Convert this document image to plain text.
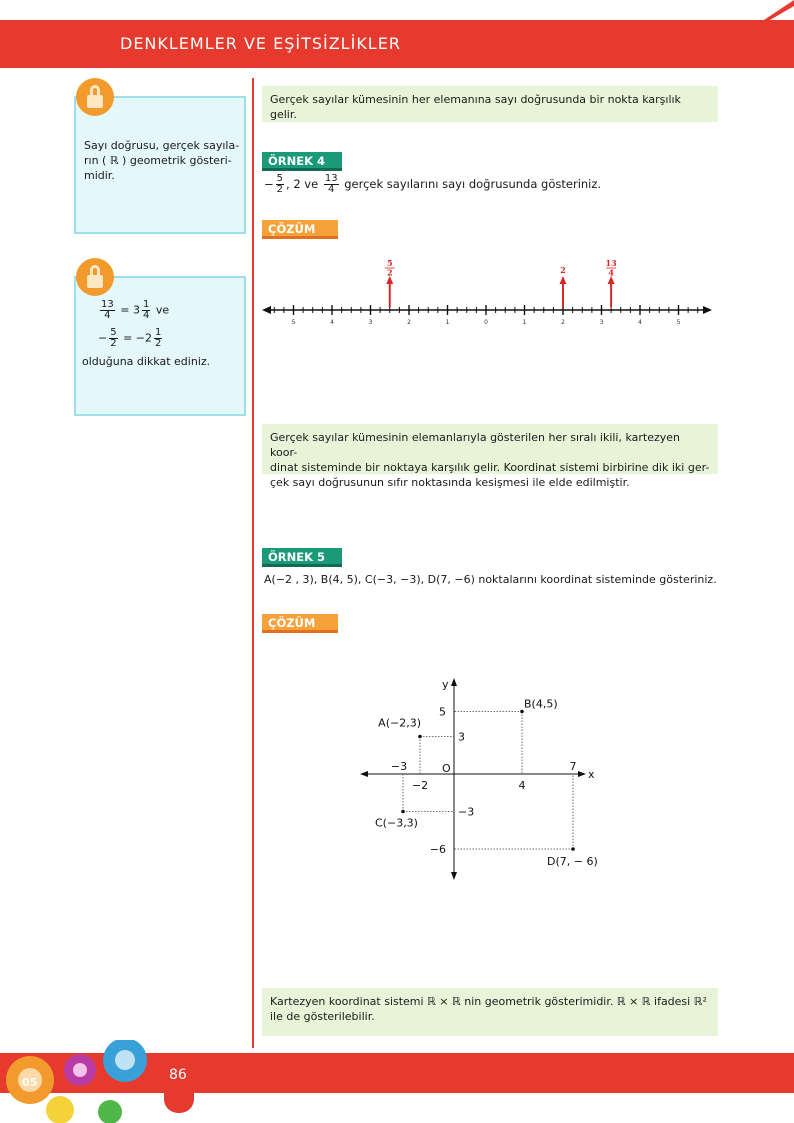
DENKLEMLER VE EŞİTSİZLİKLER
Sayı doğrusu, gerçek sayıla-
rın ( ℝ ) geometrik gösteri-
midir.
$\frac{13}{4} = 3 \frac{1}{4}$ ve
− $\frac{5}{2} = -2 \frac{1}{2}$
olduğuna dikkat ediniz.
Gerçek sayılar kümesinin her elemanına sayı doğrusunda bir nokta karşılık gelir.
ÖRNEK 4
− $\frac{5}{2}$ , 2 ve $\frac{13}{4}$ gerçek sayılarını sayı doğrusunda gösteriniz.
ÇÖZÜM
5	4	3	2	1	0	1	2	3	4	5
5
2	2
13
4
Gerçek sayılar kümesinin elemanlarıyla gösterilen her sıralı ikili, kartezyen koor-
dinat sisteminde bir noktaya karşılık gelir. Koordinat sistemi birbirine dik iki ger-
çek sayı doğrusunun sıfır noktasında kesişmesi ile elde edilmiştir.
ÖRNEK 5
A(−2 , 3), B(4, 5), C(−3, −3), D(7, −6) noktalarını koordinat sisteminde gösteriniz.
ÇÖZÜM
x
y
O
A(−2,3)
B(4,5)
C(−3,3)
D(7, − 6)
−3
−2	4
7
5
3
−3
−6
Kartezyen koordinat sistemi ℝ × ℝ nin geometrik gösterimidir. ℝ × ℝ ifadesi ℝ²
ile de gösterilebilir.
05	86
